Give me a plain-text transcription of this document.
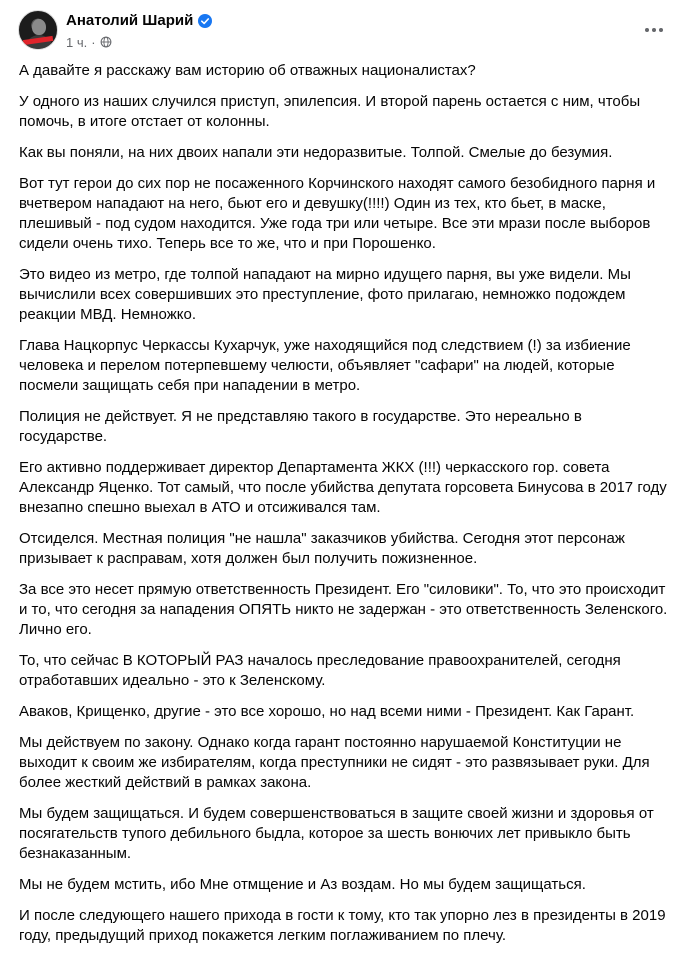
Анатолий Шарий
1 ч. ·

А давайте я расскажу вам историю об отважных националистах?

У одного из наших случился приступ, эпилепсия. И второй парень остается с ним, чтобы помочь, в итоге отстает от колонны.

Как вы поняли, на них двоих напали эти недоразвитые. Толпой. Смелые до безумия.

Вот тут герои до сих пор не посаженного Корчинского находят самого безобидного парня и вчетвером нападают на него, бьют его и девушку(!!!!) Один из тех, кто бьет, в маске, плешивый - под судом находится. Уже года три или четыре. Все эти мрази после выборов сидели очень тихо. Теперь все то же, что и при Порошенко.

Это видео из метро, где толпой нападают на мирно идущего парня, вы уже видели. Мы вычислили всех совершивших это преступление, фото прилагаю, немножко подождем реакции МВД. Немножко.

Глава Нацкорпус Черкассы Кухарчук, уже находящийся под следствием (!) за избиение человека и перелом потерпевшему челюсти, объявляет "сафари" на людей, которые посмели защищать себя при нападении в метро.

Полиция не действует. Я не представляю такого в государстве. Это нереально в государстве.

Его активно поддерживает директор Департамента ЖКХ (!!!) черкасского гор. совета Александр Яценко. Тот самый, что после убийства депутата горсовета Бинусова в 2017 году внезапно спешно выехал в АТО и отсиживался там.

Отсиделся. Местная полиция "не нашла" заказчиков убийства. Сегодня этот персонаж призывает к расправам, хотя должен был получить пожизненное.

За все это несет прямую ответственность Президент. Его "силовики". То, что это происходит и то, что сегодня за нападения ОПЯТЬ никто не задержан - это ответственность Зеленского. Лично его.

То, что сейчас В КОТОРЫЙ РАЗ началось преследование правоохранителей, сегодня отработавших идеально - это к Зеленскому.

Аваков, Крищенко, другие - это все хорошо, но над всеми ними - Президент. Как Гарант.

Мы действуем по закону. Однако когда гарант постоянно нарушаемой Конституции не выходит к своим же избирателям, когда преступники не сидят - это развязывает руки. Для более жесткий действий в рамках закона.

Мы будем защищаться. И будем совершенствоваться в защите своей жизни и здоровья от посягательств тупого дебильного быдла, которое за шесть вонючих лет привыкло быть безнаказанным.

Мы не будем мстить, ибо Мне отмщение и Аз воздам. Но мы будем защищаться.

И после следующего нашего прихода в гости к тому, кто так упорно лез в президенты в 2019 году, предыдущий приход покажется легким поглаживанием по плечу.
